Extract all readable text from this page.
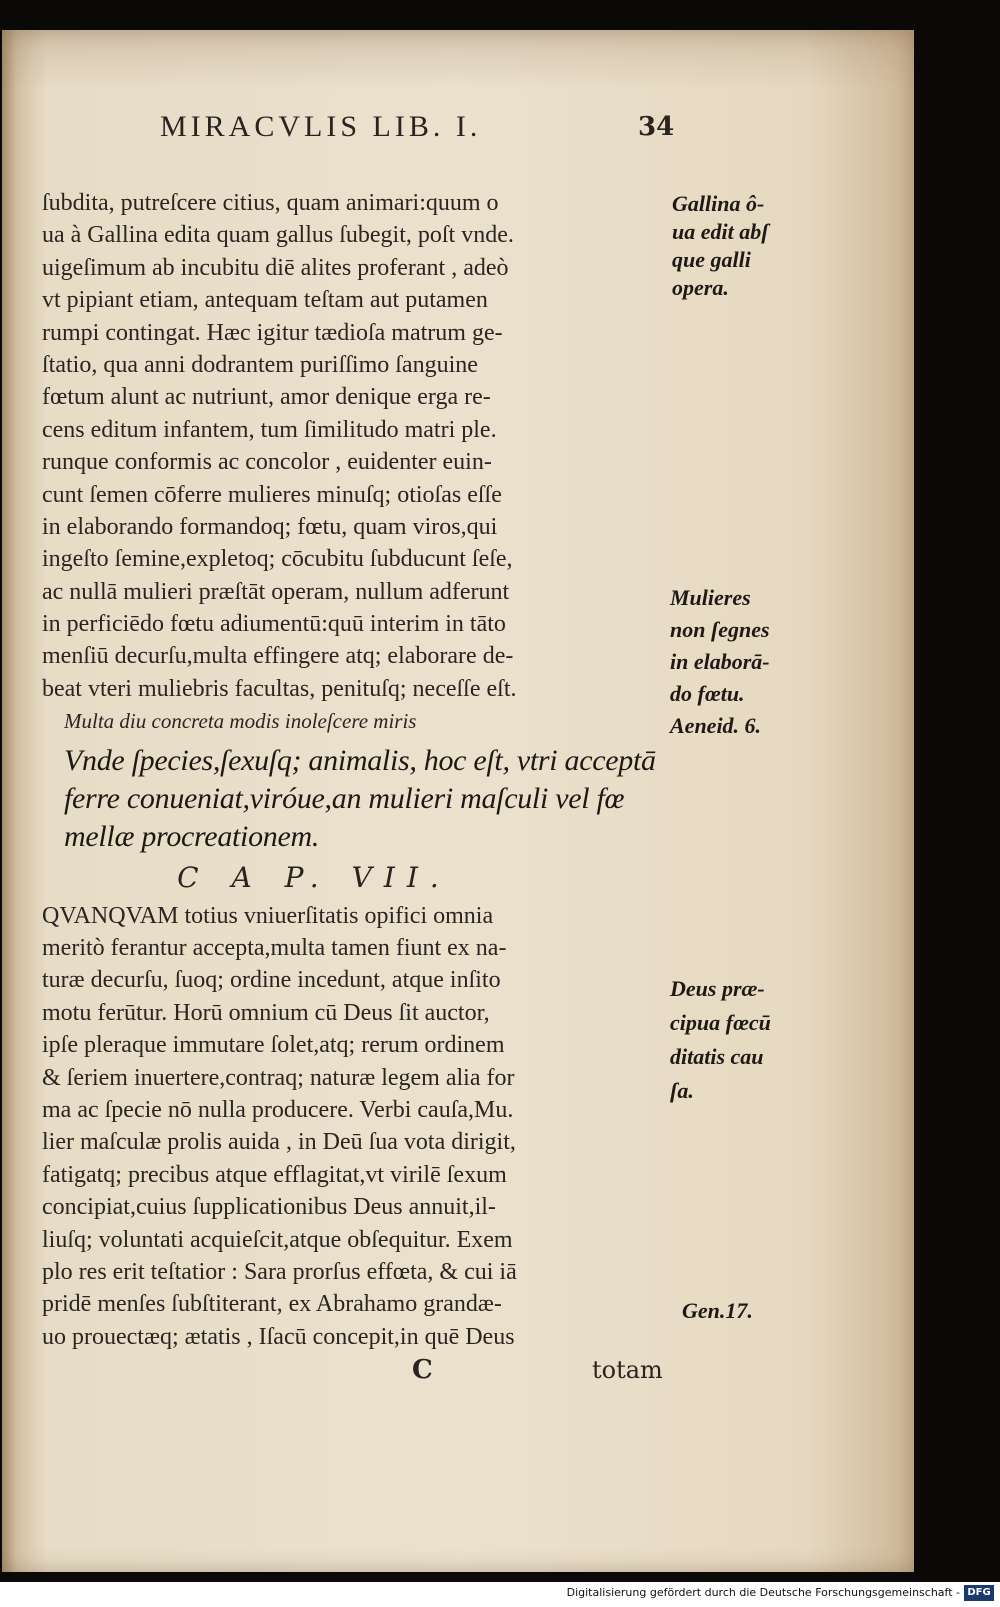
MIRACVLIS LIB. I.	34
ſubdita, putreſcere citius, quam animari:quum o
ua à Gallina edita quam gallus ſubegit, poſt vnde.
uigeſimum ab incubitu diē alites proferant , adeò
vt pipiant etiam, antequam teſtam aut putamen
rumpi contingat. Hæc igitur tædioſa matrum ge-
ſtatio, qua anni dodrantem puriſſimo ſanguine
fœtum alunt ac nutriunt, amor denique erga re-
cens editum infantem, tum ſimilitudo matri ple.
runque conformis ac concolor , euidenter euin-
cunt ſemen cōferre mulieres minuſq; otioſas eſſe
in elaborando formandoq; fœtu, quam viros,qui
ingeſto ſemine,expletoq; cōcubitu ſubducunt ſeſe,
ac nullā mulieri præſtāt operam, nullum adferunt
in perficiēdo fœtu adiumentū:quū interim in tāto
menſiū decurſu,multa effingere atq; elaborare de-
beat vteri muliebris facultas, penituſq; neceſſe eſt.
Multa diu concreta modis inoleſcere miris
Vnde ſpecies,ſexuſq; animalis, hoc eſt, vtri acceptā
ferre conueniat,viróue,an mulieri maſculi vel fœ
mellæ procreationem.
C A P. VII.
QVANQVAM totius vniuerſitatis opifici omnia
meritò ferantur accepta,multa tamen fiunt ex na-
turæ decurſu, ſuoq; ordine incedunt, atque inſito
motu ferūtur. Horū omnium cū Deus ſit auctor,
ipſe pleraque immutare ſolet,atq; rerum ordinem
& ſeriem inuertere,contraq; naturæ legem alia for
ma ac ſpecie nō nulla producere. Verbi cauſa,Mu.
lier maſculæ prolis auida , in Deū ſua vota dirigit,
fatigatq; precibus atque efflagitat,vt virilē ſexum
concipiat,cuius ſupplicationibus Deus annuit,il-
liuſq; voluntati acquieſcit,atque obſequitur. Exem
plo res erit teſtatior : Sara prorſus effœta, & cui iā
pridē menſes ſubſtiterant, ex Abrahamo grandæ-
uo prouectæq; ætatis , Iſacū concepit,in quē Deus
C	totam
Gallina ô-
ua edit abſ
que galli
opera.
Mulieres
non ſegnes
in elaborā-
do fœtu.
Aeneid. 6.
Deus præ-
cipua fœcū
ditatis cau
ſa.
Gen.17.
Digitalisierung gefördert durch die Deutsche Forschungsgemeinschaft - DFG
